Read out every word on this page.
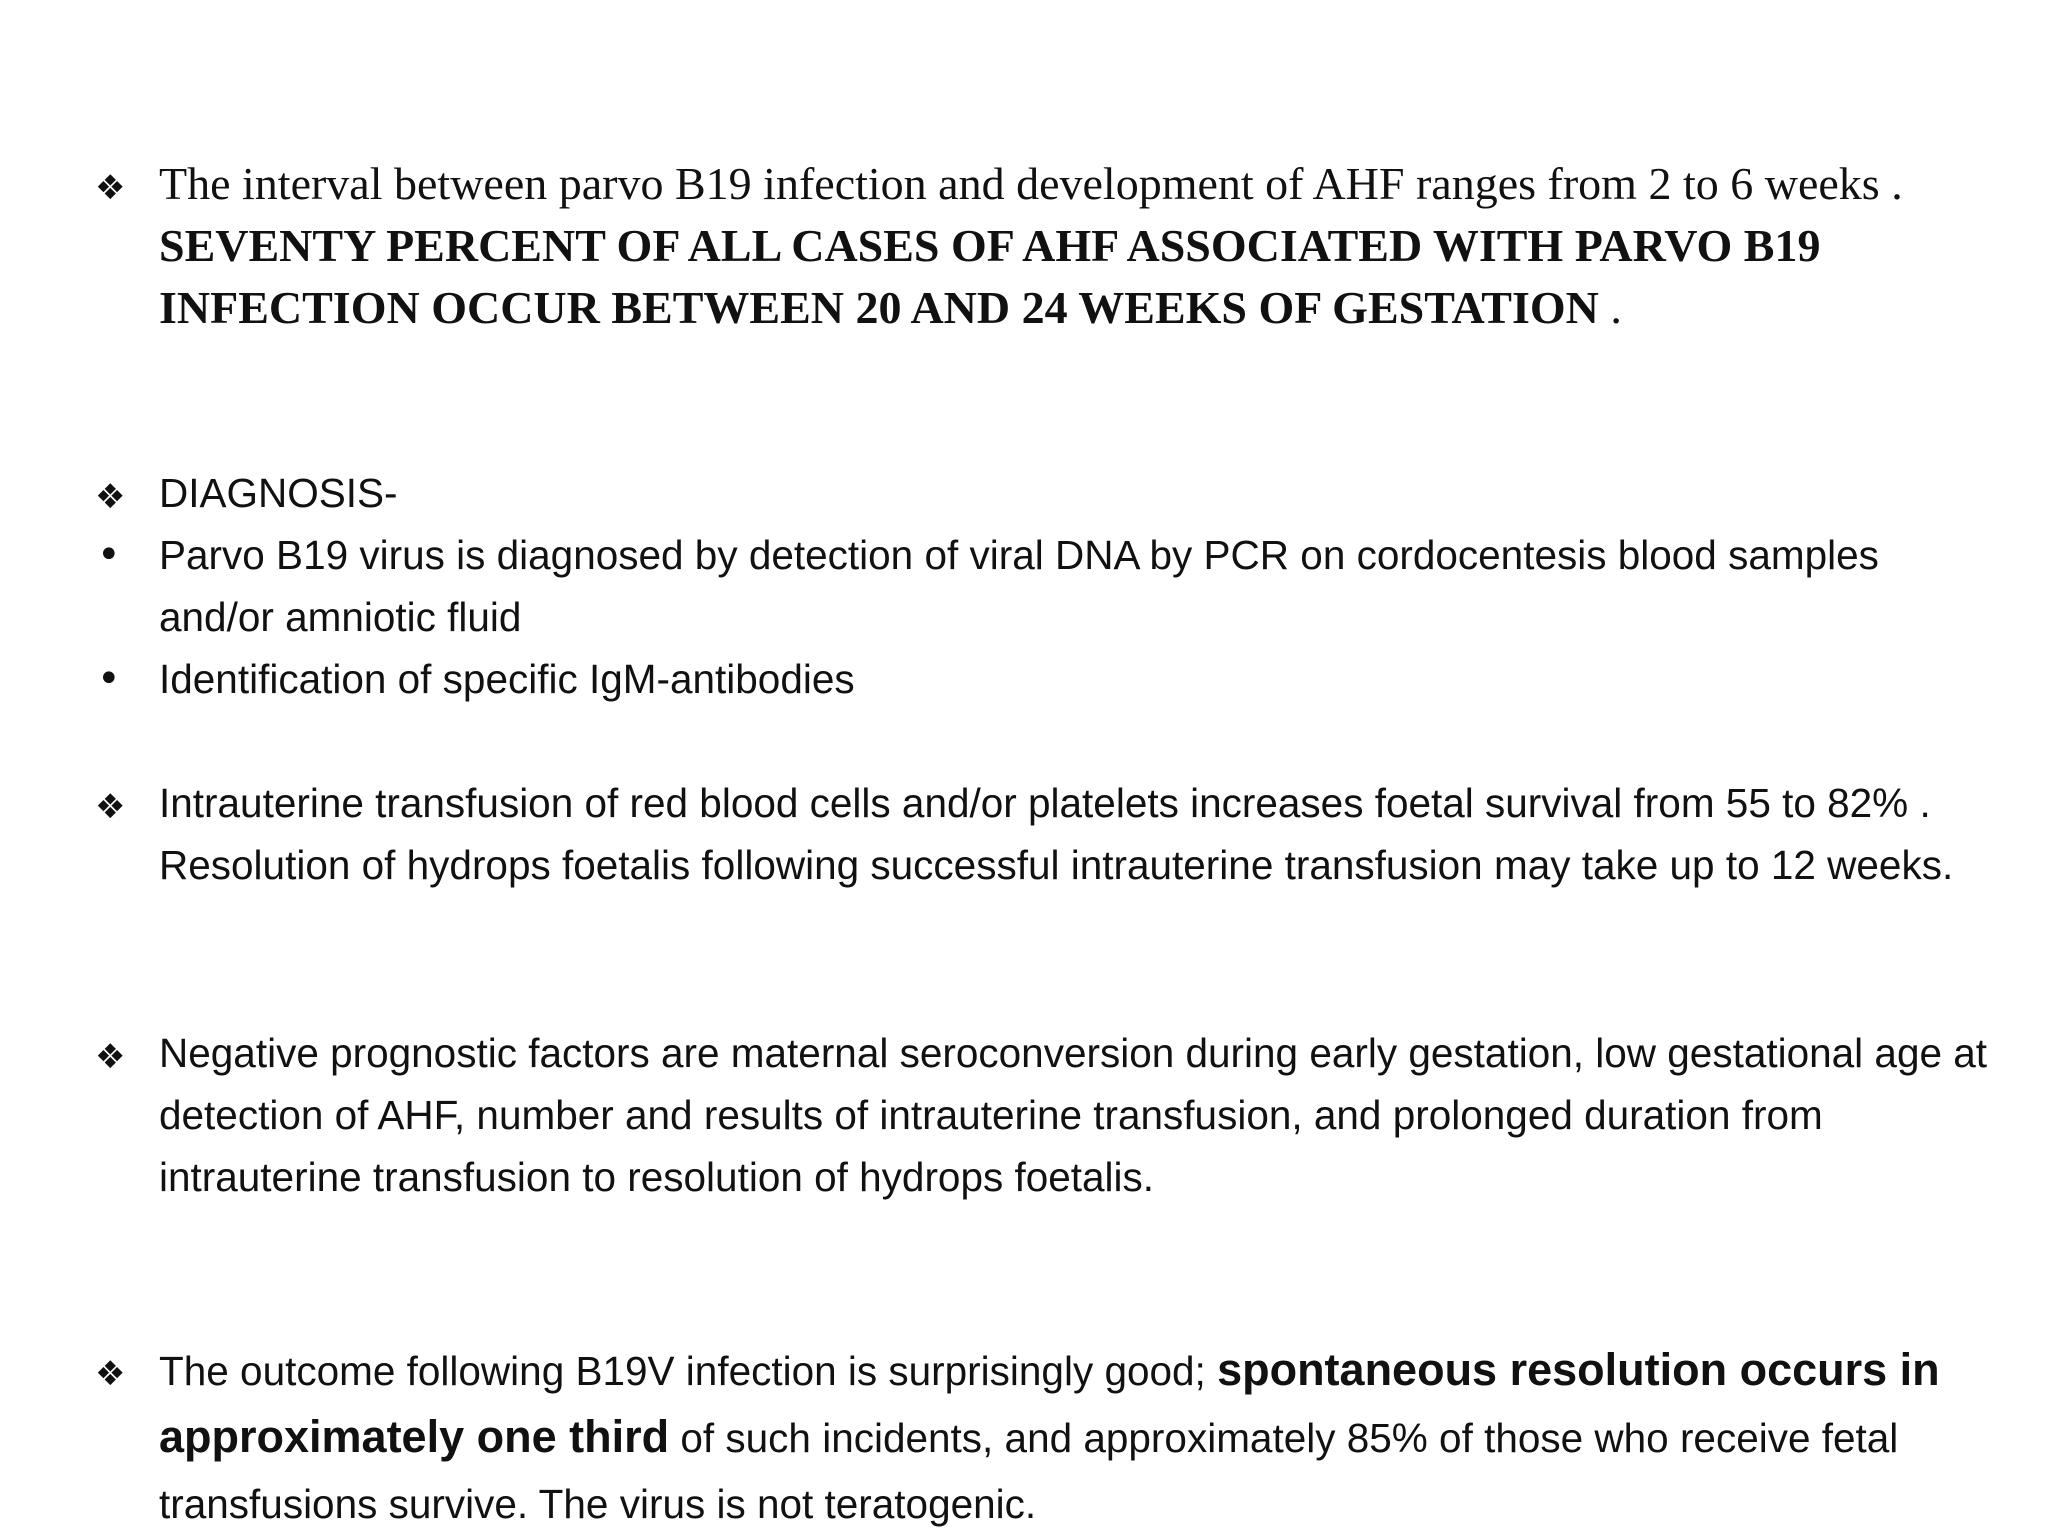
❖ The interval between parvo B19 infection and development of AHF ranges from 2 to 6 weeks . SEVENTY PERCENT OF ALL CASES OF AHF ASSOCIATED WITH PARVO B19 INFECTION OCCUR BETWEEN 20 AND 24 WEEKS OF GESTATION .
❖ DIAGNOSIS-
• Parvo B19 virus is diagnosed by detection of viral DNA by PCR on cordocentesis blood samples and/or amniotic fluid
• Identification of specific IgM-antibodies
❖ Intrauterine transfusion of red blood cells and/or platelets increases foetal survival from 55 to 82% . Resolution of hydrops foetalis following successful intrauterine transfusion may take up to 12 weeks.
❖ Negative prognostic factors are maternal seroconversion during early gestation, low gestational age at detection of AHF, number and results of intrauterine transfusion, and prolonged duration from intrauterine transfusion to resolution of hydrops foetalis.
❖ The outcome following B19V infection is surprisingly good; spontaneous resolution occurs in approximately one third of such incidents, and approximately 85% of those who receive fetal transfusions survive. The virus is not teratogenic.
